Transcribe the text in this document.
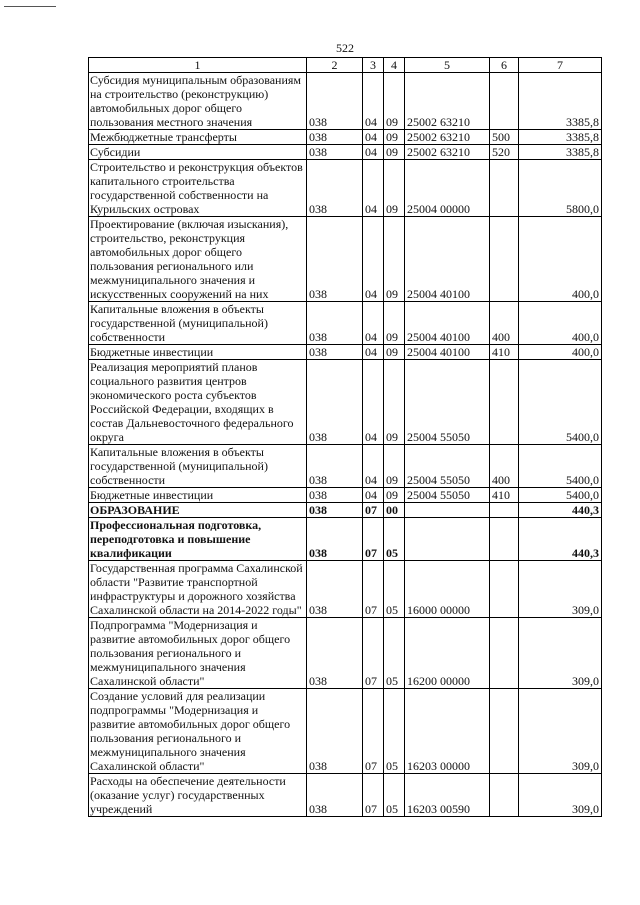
522
1	2	3	4	5	6	7
Субсидия муниципальным образованиям на строительство (реконструкцию) автомобильных дорог общего пользования местного значения	038	04	09	25002 63210		3385,8
Межбюджетные трансферты	038	04	09	25002 63210	500	3385,8
Субсидии	038	04	09	25002 63210	520	3385,8
Строительство и реконструкция объектов капитального строительства государственной собственности на Курильских островах	038	04	09	25004 00000		5800,0
Проектирование (включая изыскания), строительство, реконструкция автомобильных дорог общего пользования регионального или межмуниципального значения и искусственных сооружений на них	038	04	09	25004 40100		400,0
Капитальные вложения в объекты государственной (муниципальной) собственности	038	04	09	25004 40100	400	400,0
Бюджетные инвестиции	038	04	09	25004 40100	410	400,0
Реализация мероприятий планов социального развития центров экономического роста субъектов Российской Федерации, входящих в состав Дальневосточного федерального округа	038	04	09	25004 55050		5400,0
Капитальные вложения в объекты государственной (муниципальной) собственности	038	04	09	25004 55050	400	5400,0
Бюджетные инвестиции	038	04	09	25004 55050	410	5400,0
ОБРАЗОВАНИЕ	038	07	00			440,3
Профессиональная подготовка, переподготовка и повышение квалификации	038	07	05			440,3
Государственная программа Сахалинской области "Развитие транспортной инфраструктуры и дорожного хозяйства Сахалинской области на 2014-2022 годы"	038	07	05	16000 00000		309,0
Подпрограмма "Модернизация и развитие автомобильных дорог общего пользования регионального и межмуниципального значения Сахалинской области"	038	07	05	16200 00000		309,0
Создание условий для реализации подпрограммы "Модернизация и развитие автомобильных дорог общего пользования регионального и межмуниципального значения Сахалинской области"	038	07	05	16203 00000		309,0
Расходы на обеспечение деятельности (оказание услуг) государственных учреждений	038	07	05	16203 00590		309,0
